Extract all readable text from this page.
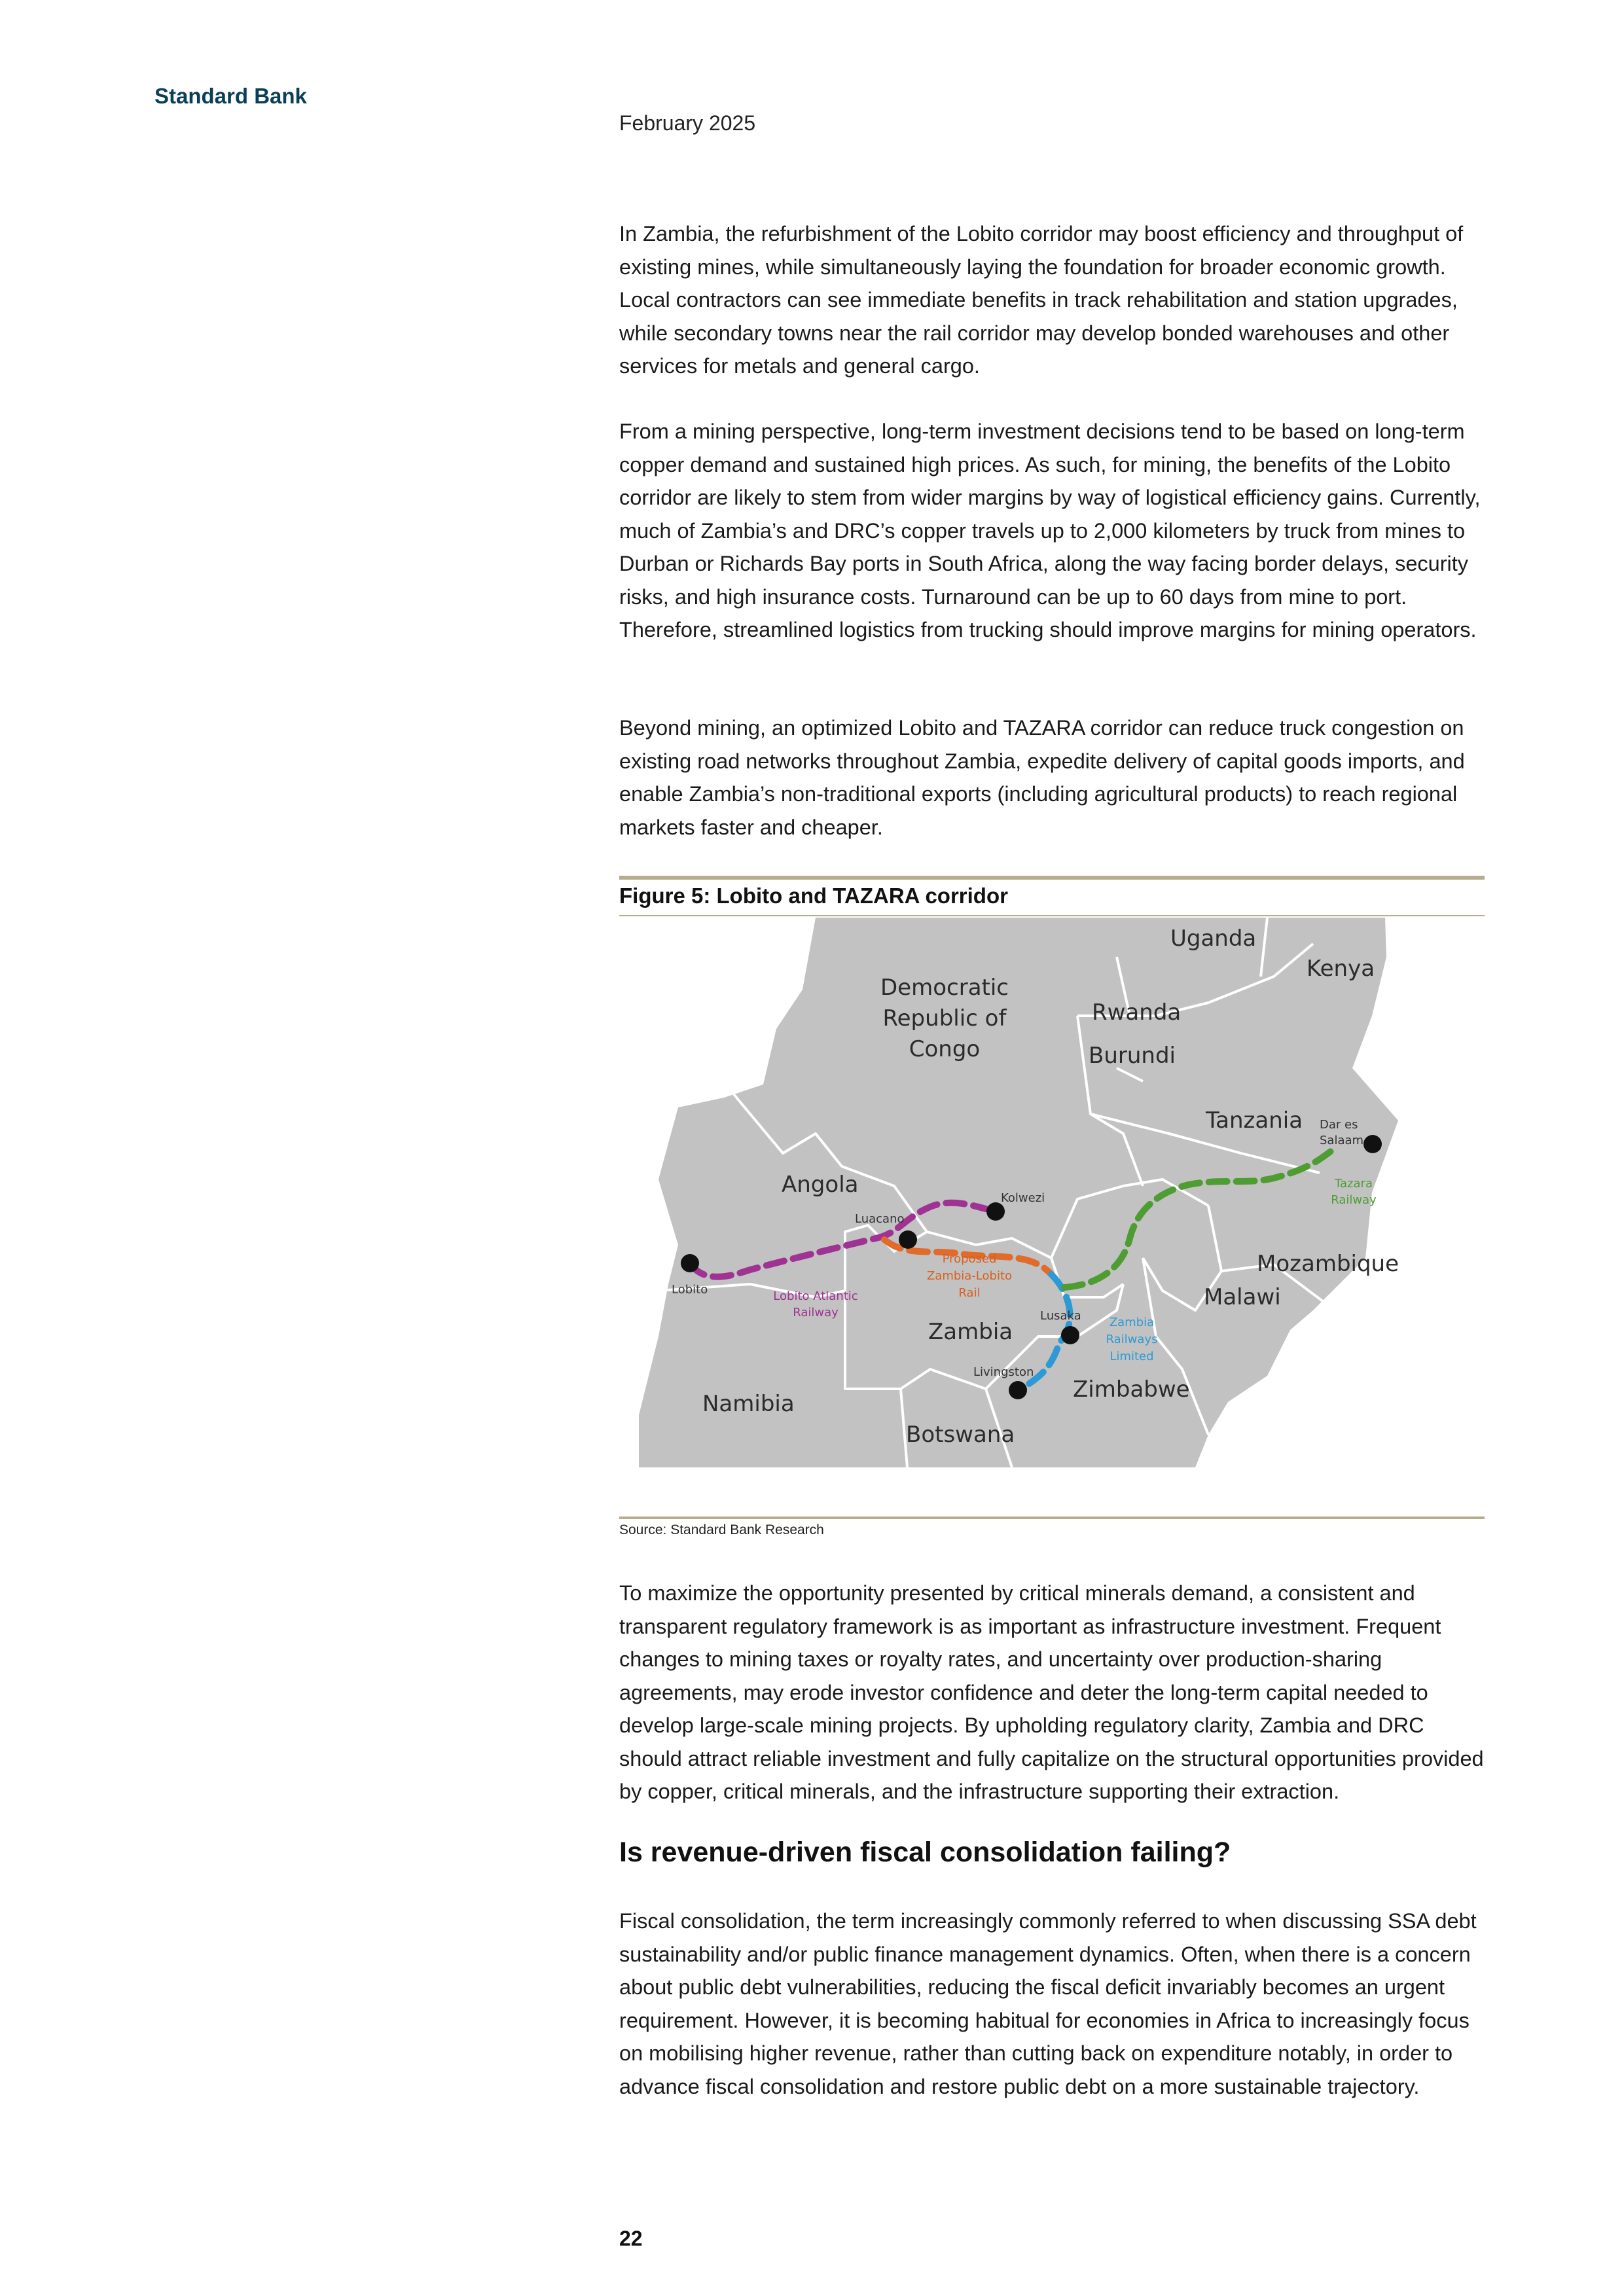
Standard Bank
February 2025

In Zambia, the refurbishment of the Lobito corridor may boost efficiency and throughput of existing mines, while simultaneously laying the foundation for broader economic growth. Local contractors can see immediate benefits in track rehabilitation and station upgrades, while secondary towns near the rail corridor may develop bonded warehouses and other services for metals and general cargo.

From a mining perspective, long-term investment decisions tend to be based on long-term copper demand and sustained high prices. As such, for mining, the benefits of the Lobito corridor are likely to stem from wider margins by way of logistical efficiency gains. Currently, much of Zambia’s and DRC’s copper travels up to 2,000 kilometers by truck from mines to Durban or Richards Bay ports in South Africa, along the way facing border delays, security risks, and high insurance costs. Turnaround can be up to 60 days from mine to port. Therefore, streamlined logistics from trucking should improve margins for mining operators.

Beyond mining, an optimized Lobito and TAZARA corridor can reduce truck congestion on existing road networks throughout Zambia, expedite delivery of capital goods imports, and enable Zambia’s non-traditional exports (including agricultural products) to reach regional markets faster and cheaper.

Figure 5: Lobito and TAZARA corridor
Democratic
Republic of
Congo
Uganda
Kenya
Rwanda
Burundi
Tanzania
Angola
Zambia
Mozambique
Malawi
Zimbabwe
Namibia
Botswana
Lobito
Luacano
Kolwezi
Lusaka
Livingston
Dar es
Salaam
Lobito Atlantic
Railway
Proposed
Zambia-Lobito
Rail
Zambia
Railways
Limited
Tazara
Railway
Source: Standard Bank Research

To maximize the opportunity presented by critical minerals demand, a consistent and transparent regulatory framework is as important as infrastructure investment. Frequent changes to mining taxes or royalty rates, and uncertainty over production-sharing agreements, may erode investor confidence and deter the long-term capital needed to develop large-scale mining projects. By upholding regulatory clarity, Zambia and DRC should attract reliable investment and fully capitalize on the structural opportunities provided by copper, critical minerals, and the infrastructure supporting their extraction.

Is revenue-driven fiscal consolidation failing?

Fiscal consolidation, the term increasingly commonly referred to when discussing SSA debt sustainability and/or public finance management dynamics. Often, when there is a concern about public debt vulnerabilities, reducing the fiscal deficit invariably becomes an urgent requirement. However, it is becoming habitual for economies in Africa to increasingly focus on mobilising higher revenue, rather than cutting back on expenditure notably, in order to advance fiscal consolidation and restore public debt on a more sustainable trajectory.

22
